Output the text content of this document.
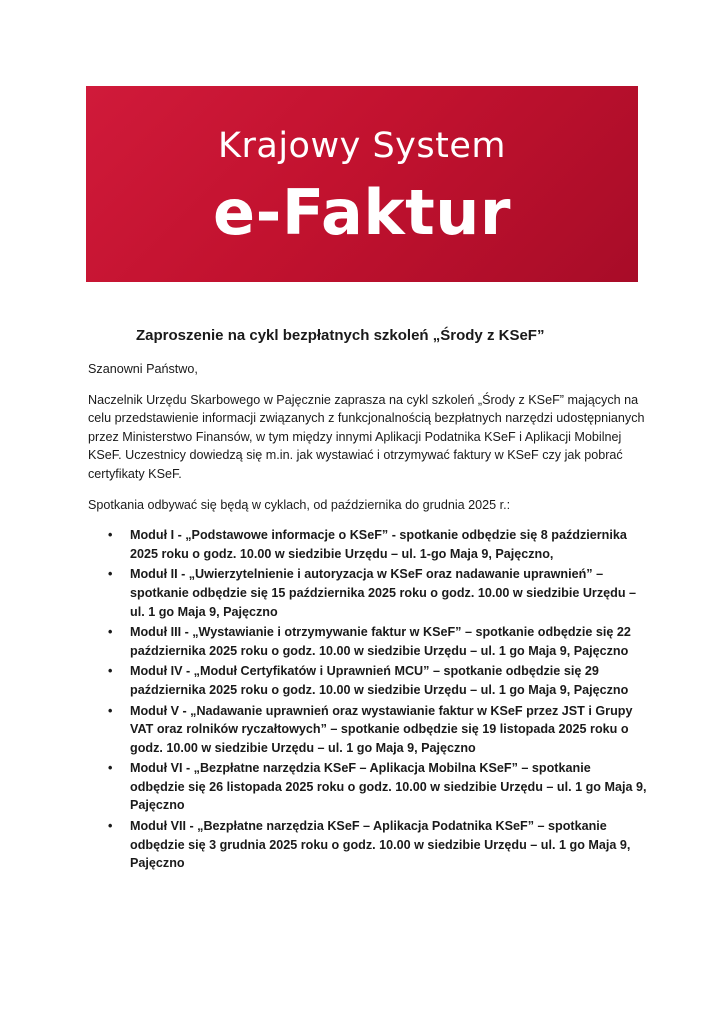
Krajowy System
e-Faktur
Zaproszenie na cykl bezpłatnych szkoleń „Środy z KSeF”

Szanowni Państwo,

Naczelnik Urzędu Skarbowego w Pajęcznie zaprasza na cykl szkoleń „Środy z KSeF” mających na celu przedstawienie informacji związanych z funkcjonalnością bezpłatnych narzędzi udostępnianych przez Ministerstwo Finansów, w tym między innymi Aplikacji Podatnika KSeF i Aplikacji Mobilnej KSeF. Uczestnicy dowiedzą się m.in. jak wystawiać i otrzymywać faktury w KSeF czy jak pobrać certyfikaty KSeF.

Spotkania odbywać się będą w cyklach, od października do grudnia 2025 r.:

• Moduł I - „Podstawowe informacje o KSeF” - spotkanie odbędzie się 8 października 2025 roku o godz. 10.00 w siedzibie Urzędu – ul. 1-go Maja 9, Pajęczno,
• Moduł II - „Uwierzytelnienie i autoryzacja w KSeF oraz nadawanie uprawnień” – spotkanie odbędzie się 15 października 2025 roku o godz. 10.00 w siedzibie Urzędu – ul. 1 go Maja 9, Pajęczno
• Moduł III - „Wystawianie i otrzymywanie faktur w KSeF” – spotkanie odbędzie się 22 października 2025 roku o godz. 10.00 w siedzibie Urzędu – ul. 1 go Maja 9, Pajęczno
• Moduł IV - „Moduł Certyfikatów i Uprawnień MCU” – spotkanie odbędzie się 29 października 2025 roku o godz. 10.00 w siedzibie Urzędu – ul. 1 go Maja 9, Pajęczno
• Moduł V - „Nadawanie uprawnień oraz wystawianie faktur w KSeF przez JST i Grupy VAT oraz rolników ryczałtowych” – spotkanie odbędzie się 19 listopada 2025 roku o godz. 10.00 w siedzibie Urzędu – ul. 1 go Maja 9, Pajęczno
• Moduł VI - „Bezpłatne narzędzia KSeF – Aplikacja Mobilna KSeF” – spotkanie odbędzie się 26 listopada 2025 roku o godz. 10.00 w siedzibie Urzędu – ul. 1 go Maja 9, Pajęczno
• Moduł VII - „Bezpłatne narzędzia KSeF – Aplikacja Podatnika KSeF” – spotkanie odbędzie się 3 grudnia 2025 roku o godz. 10.00 w siedzibie Urzędu – ul. 1 go Maja 9, Pajęczno
